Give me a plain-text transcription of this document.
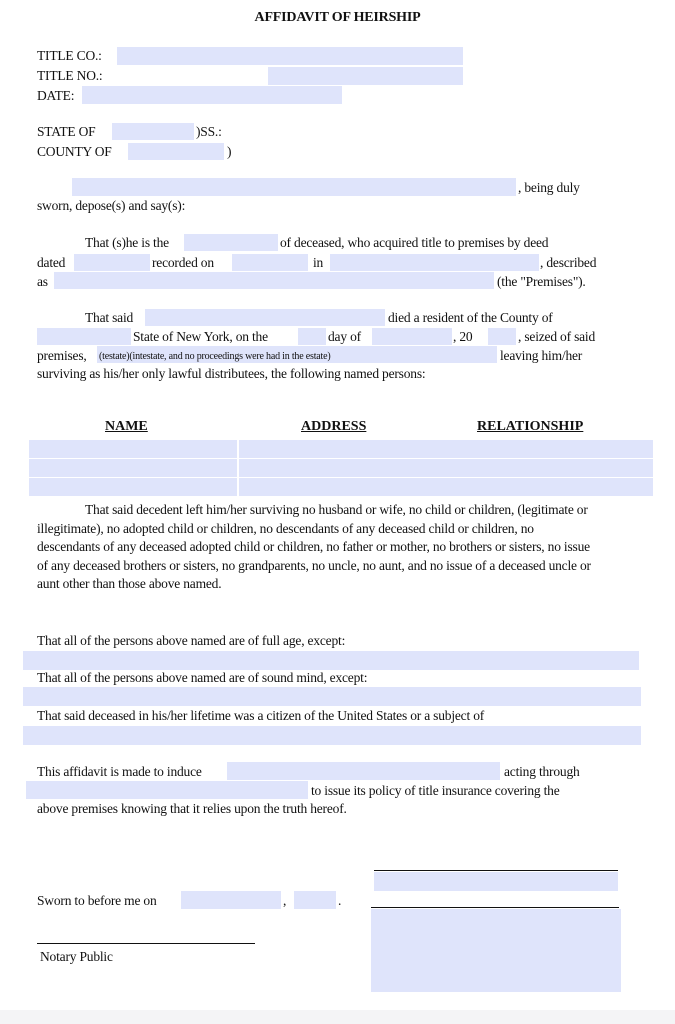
AFFIDAVIT OF HEIRSHIP
TITLE CO.:
TITLE NO.:
DATE:
STATE OF	)SS.:
COUNTY OF	)
, being duly
sworn, depose(s) and say(s):
That (s)he is the	of deceased, who acquired title to premises by deed
dated	recorded on	in	, described
as	(the "Premises").
That said	died a resident of the County of
State of New York, on the	day of	, 20	, seized of said
premises, (testate)(intestate, and no proceedings were had in the estate)	leaving him/her
surviving as his/her only lawful distributees, the following named persons:
NAME	ADDRESS	RELATIONSHIP
That said decedent left him/her surviving no husband or wife, no child or children, (legitimate or illegitimate), no adopted child or children, no descendants of any deceased child or children, no descendants of any deceased adopted child or children, no father or mother, no brothers or sisters, no issue of any deceased brothers or sisters, no grandparents, no uncle, no aunt, and no issue of a deceased uncle or aunt other than those above named.
That all of the persons above named are of full age, except:
That all of the persons above named are of sound mind, except:
That said deceased in his/her lifetime was a citizen of the United States or a subject of
This affidavit is made to induce	acting through
to issue its policy of title insurance covering the
above premises knowing that it relies upon the truth hereof.
Sworn to before me on	,	.
Notary Public
